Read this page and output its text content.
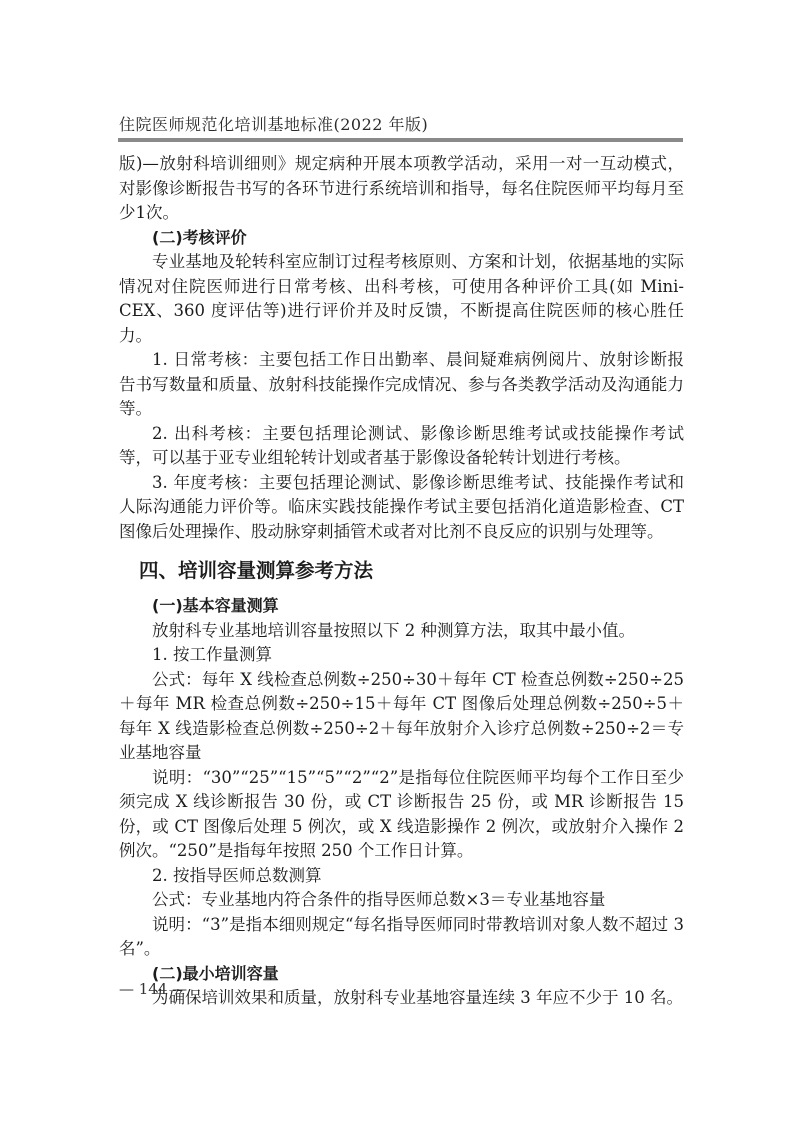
住院医师规范化培训基地标准(2022 年版)

版)—放射科培训细则》规定病种开展本项教学活动，采用一对一互动模式，对影像诊断报告书写的各环节进行系统培训和指导，每名住院医师平均每月至少1次。

(二)考核评价

专业基地及轮转科室应制订过程考核原则、方案和计划，依据基地的实际情况对住院医师进行日常考核、出科考核，可使用各种评价工具(如 Mini-CEX、360 度评估等)进行评价并及时反馈，不断提高住院医师的核心胜任力。

1. 日常考核：主要包括工作日出勤率、晨间疑难病例阅片、放射诊断报告书写数量和质量、放射科技能操作完成情况、参与各类教学活动及沟通能力等。

2. 出科考核：主要包括理论测试、影像诊断思维考试或技能操作考试等，可以基于亚专业组轮转计划或者基于影像设备轮转计划进行考核。

3. 年度考核：主要包括理论测试、影像诊断思维考试、技能操作考试和人际沟通能力评价等。临床实践技能操作考试主要包括消化道造影检查、CT 图像后处理操作、股动脉穿刺插管术或者对比剂不良反应的识别与处理等。

四、培训容量测算参考方法

(一)基本容量测算

放射科专业基地培训容量按照以下 2 种测算方法，取其中最小值。

1. 按工作量测算

公式：每年 X 线检查总例数÷250÷30＋每年 CT 检查总例数÷250÷25＋每年 MR 检查总例数÷250÷15＋每年 CT 图像后处理总例数÷250÷5＋每年 X 线造影检查总例数÷250÷2＋每年放射介入诊疗总例数÷250÷2＝专业基地容量

说明：“30”“25”“15”“5”“2”“2”是指每位住院医师平均每个工作日至少须完成 X 线诊断报告 30 份，或 CT 诊断报告 25 份，或 MR 诊断报告 15 份，或 CT 图像后处理 5 例次，或 X 线造影操作 2 例次，或放射介入操作 2 例次。“250”是指每年按照 250 个工作日计算。

2. 按指导医师总数测算

公式：专业基地内符合条件的指导医师总数×3＝专业基地容量

说明：“3”是指本细则规定“每名指导医师同时带教培训对象人数不超过 3 名”。

(二)最小培训容量

为确保培训效果和质量，放射科专业基地容量连续 3 年应不少于 10 名。

— 144 —
